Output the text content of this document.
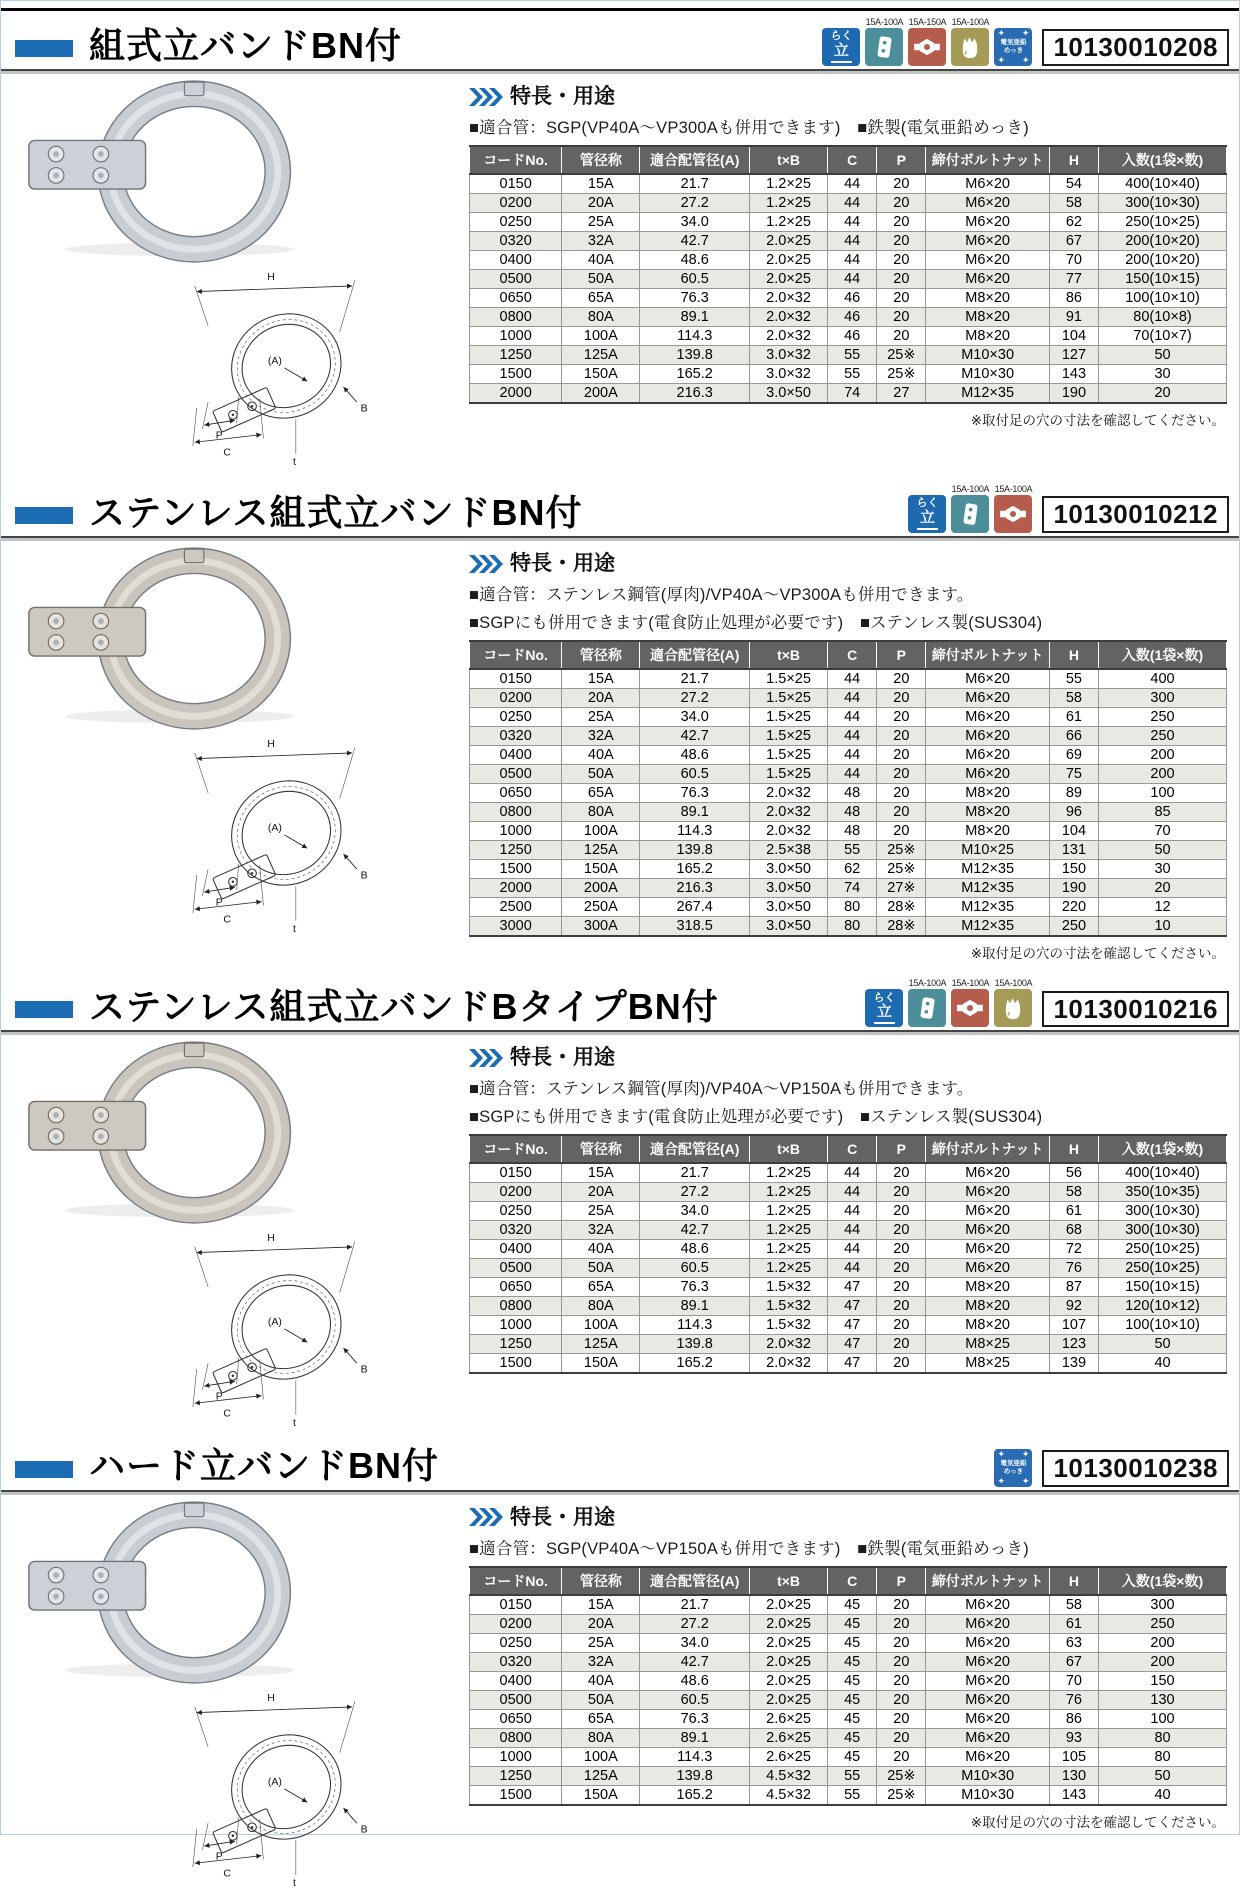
組式立バンドBN付	らく
立
15A-100A 15A-150A 15A-100A
✦ ✦
✦ ✦
電気亜鉛めっき	10130010208
H
(A)
B
P
C
t
特長・用途

■適合管：SGP(VP40A〜VP300Aも併用できます)　■鉄製(電気亜鉛めっき)

コードNo.	管径称	適合配管径(A)	t×B	C	P	締付ボルトナット	H	入数(1袋×数)
0150	15A	21.7	1.2×25	44	20	M6×20	54	400(10×40)
0200	20A	27.2	1.2×25	44	20	M6×20	58	300(10×30)
0250	25A	34.0	1.2×25	44	20	M6×20	62	250(10×25)
0320	32A	42.7	2.0×25	44	20	M6×20	67	200(10×20)
0400	40A	48.6	2.0×25	44	20	M6×20	70	200(10×20)
0500	50A	60.5	2.0×25	44	20	M6×20	77	150(10×15)
0650	65A	76.3	2.0×32	46	20	M8×20	86	100(10×10)
0800	80A	89.1	2.0×32	46	20	M8×20	91	80(10×8)
1000	100A	114.3	2.0×32	46	20	M8×20	104	70(10×7)
1250	125A	139.8	3.0×32	55	25※	M10×30	127	50
1500	150A	165.2	3.0×32	55	25※	M10×30	143	30
2000	200A	216.3	3.0×50	74	27	M12×35	190	20
※取付足の穴の寸法を確認してください。
ステンレス組式立バンドBN付	らく
立
15A-100A 15A-100A
10130010212
H
(A)
B
P
C
t
特長・用途

■適合管：ステンレス鋼管(厚肉)/VP40A〜VP300Aも併用できます。

■SGPにも併用できます(電食防止処理が必要です)　■ステンレス製(SUS304)

コードNo.	管径称	適合配管径(A)	t×B	C	P	締付ボルトナット	H	入数(1袋×数)
0150	15A	21.7	1.5×25	44	20	M6×20	55	400
0200	20A	27.2	1.5×25	44	20	M6×20	58	300
0250	25A	34.0	1.5×25	44	20	M6×20	61	250
0320	32A	42.7	1.5×25	44	20	M6×20	66	250
0400	40A	48.6	1.5×25	44	20	M6×20	69	200
0500	50A	60.5	1.5×25	44	20	M6×20	75	200
0650	65A	76.3	2.0×32	48	20	M8×20	89	100
0800	80A	89.1	2.0×32	48	20	M8×20	96	85
1000	100A	114.3	2.0×32	48	20	M8×20	104	70
1250	125A	139.8	2.5×38	55	25※	M10×25	131	50
1500	150A	165.2	3.0×50	62	25※	M12×35	150	30
2000	200A	216.3	3.0×50	74	27※	M12×35	190	20
2500	250A	267.4	3.0×50	80	28※	M12×35	220	12
3000	300A	318.5	3.0×50	80	28※	M12×35	250	10
※取付足の穴の寸法を確認してください。
ステンレス組式立バンドBタイプBN付	らく
立
15A-100A 15A-100A 15A-100A
10130010216
H
(A)
B
P
C
t
特長・用途

■適合管：ステンレス鋼管(厚肉)/VP40A〜VP150Aも併用できます。

■SGPにも併用できます(電食防止処理が必要です)　■ステンレス製(SUS304)

コードNo.	管径称	適合配管径(A)	t×B	C	P	締付ボルトナット	H	入数(1袋×数)
0150	15A	21.7	1.2×25	44	20	M6×20	56	400(10×40)
0200	20A	27.2	1.2×25	44	20	M6×20	58	350(10×35)
0250	25A	34.0	1.2×25	44	20	M6×20	61	300(10×30)
0320	32A	42.7	1.2×25	44	20	M6×20	68	300(10×30)
0400	40A	48.6	1.2×25	44	20	M6×20	72	250(10×25)
0500	50A	60.5	1.2×25	44	20	M6×20	76	250(10×25)
0650	65A	76.3	1.5×32	47	20	M8×20	87	150(10×15)
0800	80A	89.1	1.5×32	47	20	M8×20	92	120(10×12)
1000	100A	114.3	1.5×32	47	20	M8×20	107	100(10×10)
1250	125A	139.8	2.0×32	47	20	M8×25	123	50
1500	150A	165.2	2.0×32	47	20	M8×25	139	40
ハード立バンドBN付	✦ ✦
✦ ✦
電気亜鉛めっき	10130010238
H
(A)
B
P
C
t
特長・用途

■適合管：SGP(VP40A〜VP150Aも併用できます)　■鉄製(電気亜鉛めっき)

コードNo.	管径称	適合配管径(A)	t×B	C	P	締付ボルトナット	H	入数(1袋×数)
0150	15A	21.7	2.0×25	45	20	M6×20	58	300
0200	20A	27.2	2.0×25	45	20	M6×20	61	250
0250	25A	34.0	2.0×25	45	20	M6×20	63	200
0320	32A	42.7	2.0×25	45	20	M6×20	67	200
0400	40A	48.6	2.0×25	45	20	M6×20	70	150
0500	50A	60.5	2.0×25	45	20	M6×20	76	130
0650	65A	76.3	2.6×25	45	20	M6×20	86	100
0800	80A	89.1	2.6×25	45	20	M6×20	93	80
1000	100A	114.3	2.6×25	45	20	M6×20	105	80
1250	125A	139.8	4.5×32	55	25※	M10×30	130	50
1500	150A	165.2	4.5×32	55	25※	M10×30	143	40
※取付足の穴の寸法を確認してください。
